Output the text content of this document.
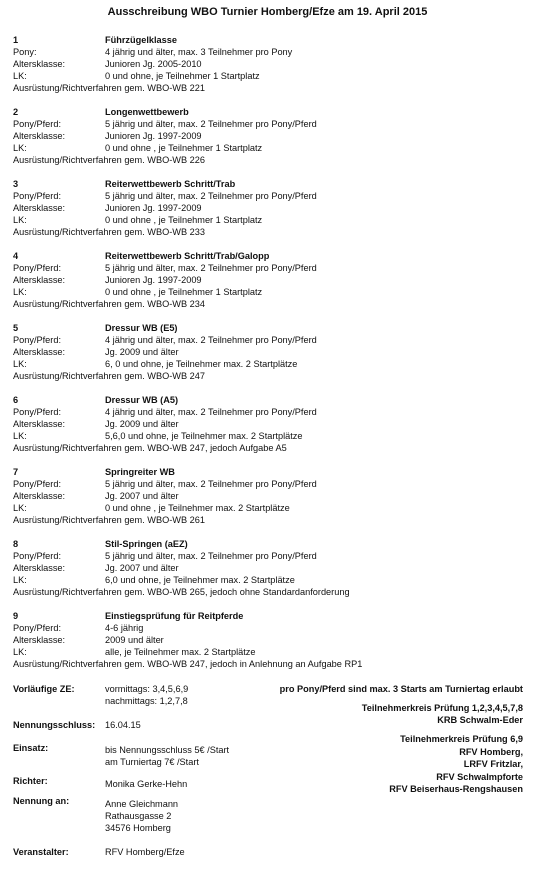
Ausschreibung WBO Turnier Homberg/Efze am 19. April 2015
1	Führzügelklasse
Pony:	4 jährig und älter, max. 3 Teilnehmer pro Pony
Altersklasse:	Junioren Jg. 2005-2010
LK:	0 und ohne, je Teilnehmer 1 Startplatz
Ausrüstung/Richtverfahren gem. WBO-WB 221
2	Longenwettbewerb
Pony/Pferd:	5 jährig und älter, max. 2 Teilnehmer pro Pony/Pferd
Altersklasse:	Junioren Jg. 1997-2009
LK:	0 und ohne , je Teilnehmer 1 Startplatz
Ausrüstung/Richtverfahren gem. WBO-WB 226
3	Reiterwettbewerb Schritt/Trab
Pony/Pferd:	5 jährig und älter, max. 2 Teilnehmer pro Pony/Pferd
Altersklasse:	Junioren Jg. 1997-2009
LK:	0 und ohne , je Teilnehmer 1 Startplatz
Ausrüstung/Richtverfahren gem. WBO-WB 233
4	Reiterwettbewerb Schritt/Trab/Galopp
Pony/Pferd:	5 jährig und älter, max. 2 Teilnehmer pro Pony/Pferd
Altersklasse:	Junioren Jg. 1997-2009
LK:	0 und ohne , je Teilnehmer 1 Startplatz
Ausrüstung/Richtverfahren gem. WBO-WB 234
5	Dressur WB (E5)
Pony/Pferd:	4 jährig und älter, max. 2 Teilnehmer pro Pony/Pferd
Altersklasse:	Jg. 2009 und älter
LK:	6, 0 und ohne, je Teilnehmer max. 2 Startplätze
Ausrüstung/Richtverfahren gem. WBO-WB 247
6	Dressur WB (A5)
Pony/Pferd:	4 jährig und älter, max. 2 Teilnehmer pro Pony/Pferd
Altersklasse:	Jg. 2009 und älter
LK:	5,6,0 und ohne, je Teilnehmer max. 2 Startplätze
Ausrüstung/Richtverfahren gem. WBO-WB 247, jedoch Aufgabe A5
7	Springreiter WB
Pony/Pferd:	5 jährig und älter, max. 2 Teilnehmer pro Pony/Pferd
Altersklasse:	Jg. 2007 und älter
LK:	0 und ohne , je Teilnehmer max. 2 Startplätze
Ausrüstung/Richtverfahren gem. WBO-WB 261
8	Stil-Springen (aEZ)
Pony/Pferd:	5 jährig und älter, max. 2 Teilnehmer pro Pony/Pferd
Altersklasse:	Jg. 2007 und älter
LK:	6,0 und ohne, je Teilnehmer max. 2 Startplätze
Ausrüstung/Richtverfahren gem. WBO-WB 265, jedoch ohne Standardanforderung
9	Einstiegsprüfung für Reitpferde
Pony/Pferd:	4-6 jährig
Altersklasse:	2009 und älter
LK:	alle, je Teilnehmer max. 2 Startplätze
Ausrüstung/Richtverfahren gem. WBO-WB 247, jedoch in Anlehnung an Aufgabe RP1
Vorläufige ZE:	vormittags: 3,4,5,6,9
nachmittags: 1,2,7,8
Nennungsschluss: 16.04.15
Einsatz:	bis Nennungsschluss 5€ /Start
am Turniertag 7€ /Start
Richter:	Monika Gerke-Hehn
Nennung an:	Anne Gleichmann
Rathausgasse 2
34576 Homberg
Veranstalter:	RFV Homberg/Efze
pro Pony/Pferd sind max. 3 Starts am Turniertag erlaubt
Teilnehmerkreis Prüfung 1,2,3,4,5,7,8
KRB Schwalm-Eder
Teilnehmerkreis Prüfung 6,9
RFV Homberg,
LRFV Fritzlar,
RFV Schwalmpforte
RFV Beiserhaus-Rengshausen
